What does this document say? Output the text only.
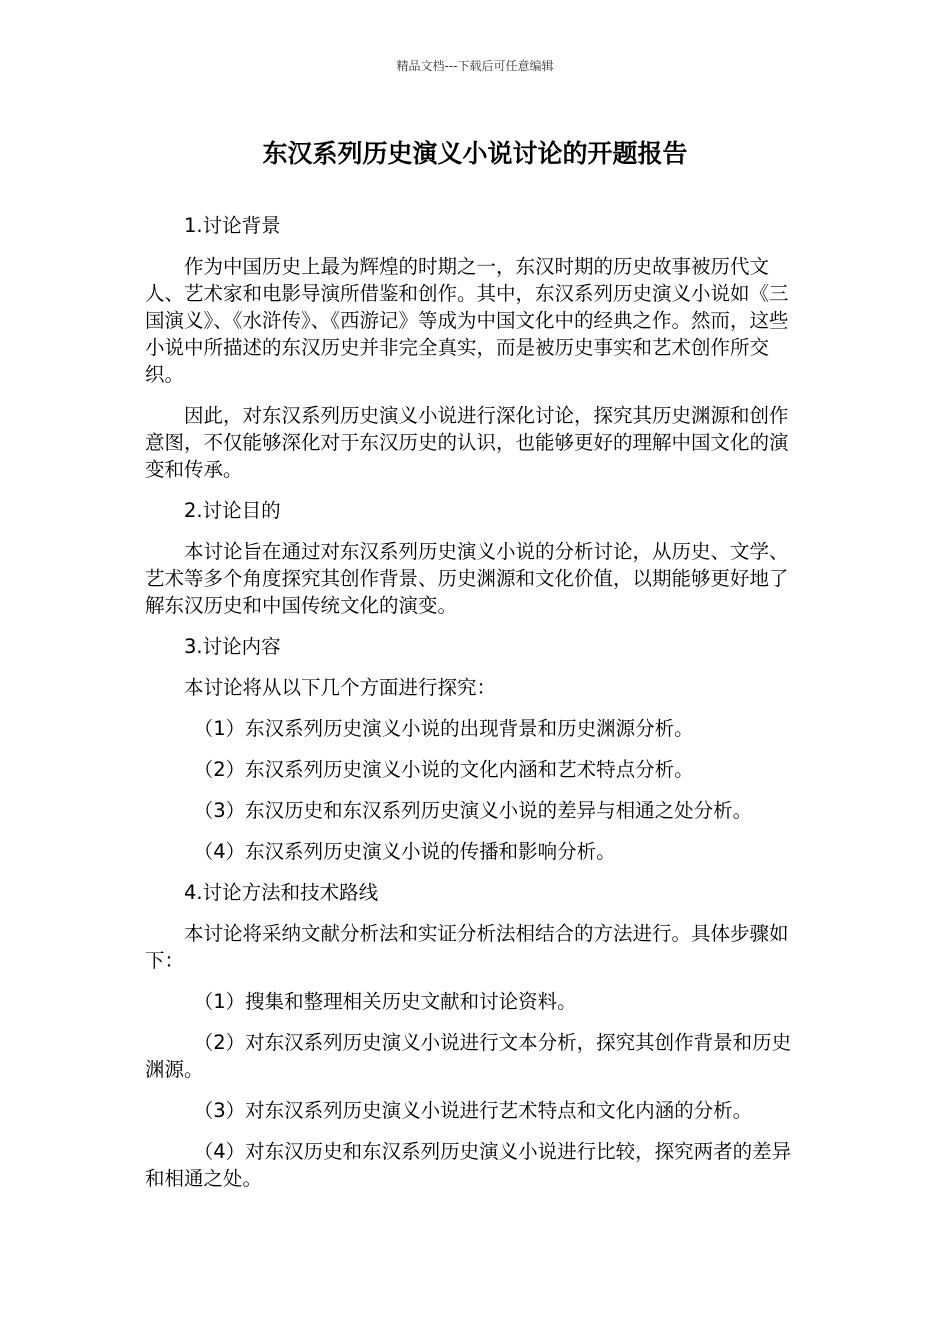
精品文档---下载后可任意编辑
东汉系列历史演义小说讨论的开题报告

1.讨论背景

作为中国历史上最为辉煌的时期之一，东汉时期的历史故事被历代文人、艺术家和电影导演所借鉴和创作。其中，东汉系列历史演义小说如《三国演义》、《水浒传》、《西游记》等成为中国文化中的经典之作。然而，这些小说中所描述的东汉历史并非完全真实，而是被历史事实和艺术创作所交织。

因此，对东汉系列历史演义小说进行深化讨论，探究其历史渊源和创作意图，不仅能够深化对于东汉历史的认识，也能够更好的理解中国文化的演变和传承。

2.讨论目的

本讨论旨在通过对东汉系列历史演义小说的分析讨论，从历史、文学、艺术等多个角度探究其创作背景、历史渊源和文化价值，以期能够更好地了解东汉历史和中国传统文化的演变。

3.讨论内容

本讨论将从以下几个方面进行探究：

（1）东汉系列历史演义小说的出现背景和历史渊源分析。

（2）东汉系列历史演义小说的文化内涵和艺术特点分析。

（3）东汉历史和东汉系列历史演义小说的差异与相通之处分析。

（4）东汉系列历史演义小说的传播和影响分析。

4.讨论方法和技术路线

本讨论将采纳文献分析法和实证分析法相结合的方法进行。具体步骤如下：

（1）搜集和整理相关历史文献和讨论资料。

（2）对东汉系列历史演义小说进行文本分析，探究其创作背景和历史渊源。

（3）对东汉系列历史演义小说进行艺术特点和文化内涵的分析。

（4）对东汉历史和东汉系列历史演义小说进行比较，探究两者的差异和相通之处。
